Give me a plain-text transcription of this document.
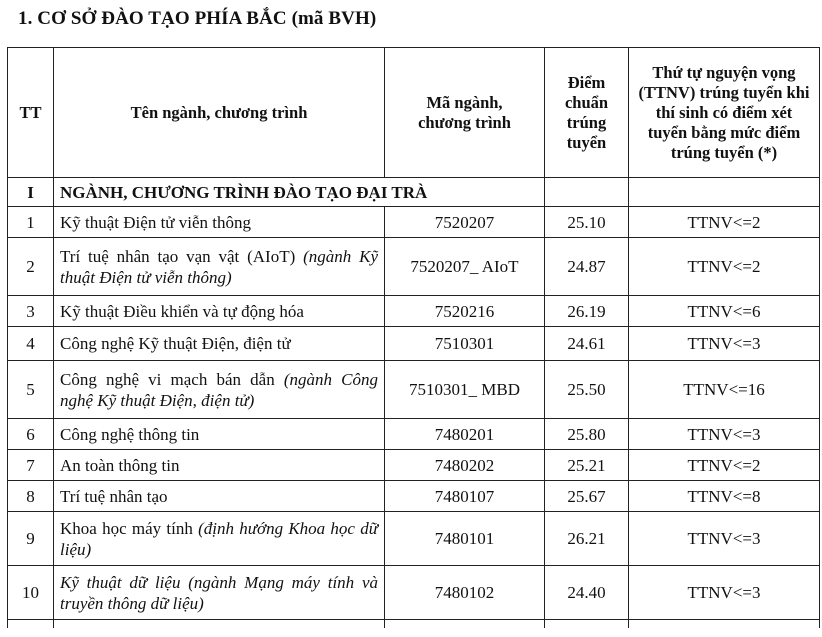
1. CƠ SỞ ĐÀO TẠO PHÍA BẮC (mã BVH)
TT	Tên ngành, chương trình	Mã ngành, chương trình	Điểm chuẩn trúng tuyển	Thứ tự nguyện vọng (TTNV) trúng tuyển khi thí sinh có điểm xét tuyển bằng mức điểm trúng tuyển (*)
I	NGÀNH, CHƯƠNG TRÌNH ĐÀO TẠO ĐẠI TRÀ			
1	Kỹ thuật Điện tử viễn thông	7520207	25.10	TTNV<=2
2	Trí tuệ nhân tạo vạn vật (AIoT) (ngành Kỹ thuật Điện tử viễn thông)	7520207_ AIoT	24.87	TTNV<=2
3	Kỹ thuật Điều khiển và tự động hóa	7520216	26.19	TTNV<=6
4	Công nghệ Kỹ thuật Điện, điện tử	7510301	24.61	TTNV<=3
5	Công nghệ vi mạch bán dẫn (ngành Công nghệ Kỹ thuật Điện, điện tử)	7510301_ MBD	25.50	TTNV<=16
6	Công nghệ thông tin	7480201	25.80	TTNV<=3
7	An toàn thông tin	7480202	25.21	TTNV<=2
8	Trí tuệ nhân tạo	7480107	25.67	TTNV<=8
9	Khoa học máy tính (định hướng Khoa học dữ liệu)	7480101	26.21	TTNV<=3
10	Kỹ thuật dữ liệu (ngành Mạng máy tính và truyền thông dữ liệu)	7480102	24.40	TTNV<=3
